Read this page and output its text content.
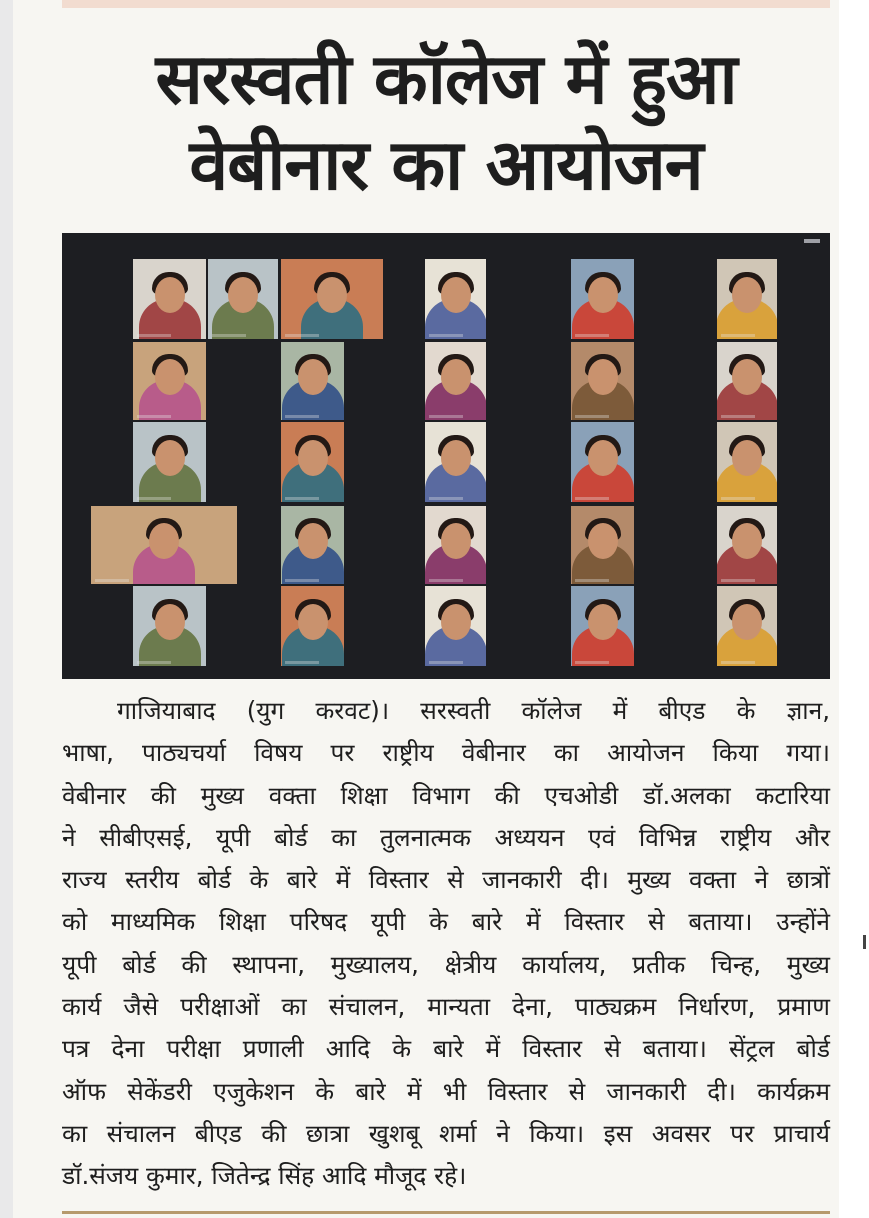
सरस्वती कॉलेज में हुआ
वेबीनार का आयोजन
गाजियाबाद (युग करवट)। सरस्वती कॉलेज में बीएड के ज्ञान,
भाषा, पाठ्यचर्या विषय पर राष्ट्रीय वेबीनार का आयोजन किया गया।
वेबीनार की मुख्य वक्ता शिक्षा विभाग की एचओडी डॉ.अलका कटारिया
ने सीबीएसई, यूपी बोर्ड का तुलनात्मक अध्ययन एवं विभिन्न राष्ट्रीय और
राज्य स्तरीय बोर्ड के बारे में विस्तार से जानकारी दी। मुख्य वक्ता ने छात्रों
को माध्यमिक शिक्षा परिषद यूपी के बारे में विस्तार से बताया। उन्होंने
यूपी बोर्ड की स्थापना, मुख्यालय, क्षेत्रीय कार्यालय, प्रतीक चिन्ह, मुख्य
कार्य जैसे परीक्षाओं का संचालन, मान्यता देना, पाठ्यक्रम निर्धारण, प्रमाण
पत्र देना परीक्षा प्रणाली आदि के बारे में विस्तार से बताया। सेंट्रल बोर्ड
ऑफ सेकेंडरी एजुकेशन के बारे में भी विस्तार से जानकारी दी। कार्यक्रम
का संचालन बीएड की छात्रा खुशबू शर्मा ने किया। इस अवसर पर प्राचार्य
डॉ.संजय कुमार, जितेन्द्र सिंह आदि मौजूद रहे।
